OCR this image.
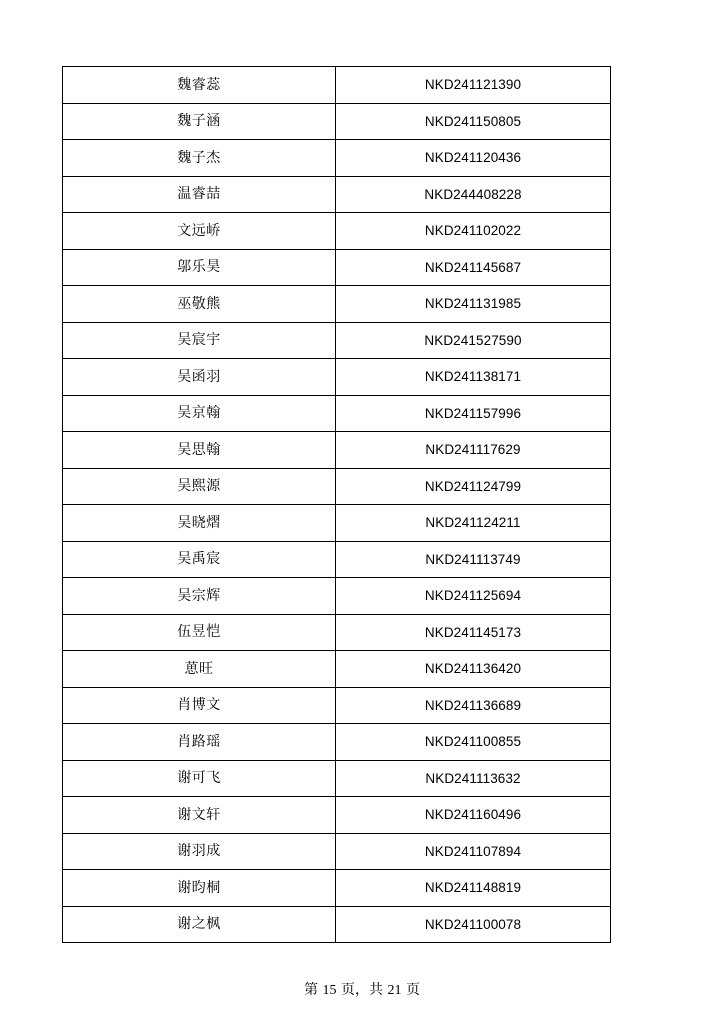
魏睿蕊	NKD241121390
魏子涵	NKD241150805
魏子杰	NKD241120436
温睿喆	NKD244408228
文远峤	NKD241102022
邬乐昊	NKD241145687
巫敬熊	NKD241131985
吴宸宇	NKD241527590
吴函羽	NKD241138171
吴京翰	NKD241157996
吴思翰	NKD241117629
吴熙源	NKD241124799
吴晓熠	NKD241124211
吴禹宸	NKD241113749
吴宗辉	NKD241125694
伍昱恺	NKD241145173
葸旺	NKD241136420
肖博文	NKD241136689
肖路瑶	NKD241100855
谢可飞	NKD241113632
谢文轩	NKD241160496
谢羽成	NKD241107894
谢昀桐	NKD241148819
谢之枫	NKD241100078
第 15 页，共 21 页
